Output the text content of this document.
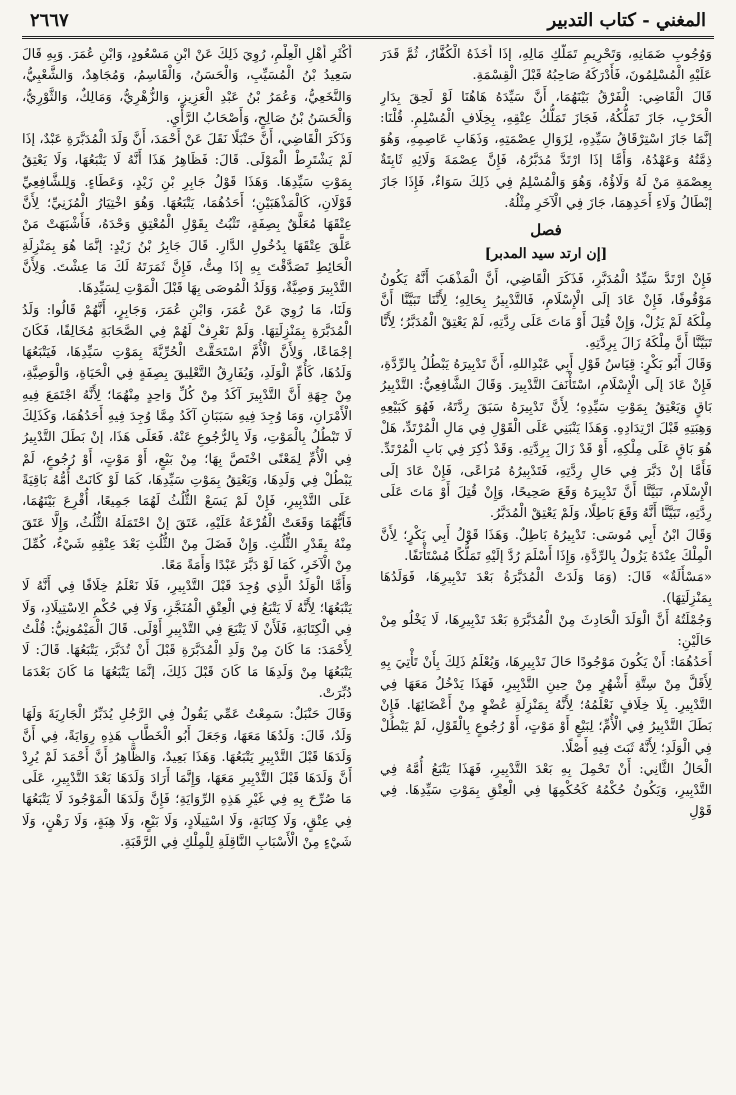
المغني - كتاب التدبير
٢٦٦٧

وَوُجُوبِ ضَمَانِهِ، وَتَحْرِيمِ تَمَلُّكِ مَالِهِ، إذَا أَخَذَهُ الْكُفَّارُ، ثُمَّ قَدَرَ عَلَيْهِ الْمُسْلِمُونَ، فَأَدْرَكَهُ صَاحِبُهُ قَبْلَ الْقِسْمَةِ.

قَالَ الْقَاضِي: الْفَرْقُ بَيْنَهُمَا، أَنَّ سَيِّدَهُ هَاهُنَا لَوْ لَحِقَ بِدَارِ الْحَرْبِ، جَازَ تَمَلُّكُهُ، فَجَازَ تَمَلُّكُ عِتْقِهِ، بِخِلَافِ الْمُسْلِمِ. قُلْنَا: إنَّمَا جَازَ اسْتِرْقَاقُ سَيِّدِهِ، لِزَوَالِ عِصْمَتِهِ، وَذَهَابِ عَاصِمِهِ، وَهُوَ ذِمَّتُهُ وَعَهْدُهُ، وَأَمَّا إذَا ارْتَدَّ مُدَبَّرُهُ، فَإِنَّ عِصْمَةَ وَلَائِهِ ثَابِتَةٌ بِعِصْمَةِ مَنْ لَهُ وَلَاؤُهُ، وَهُوَ وَالْمُسْلِمُ فِي ذَلِكَ سَوَاءٌ، فَإِذَا جَازَ إبْطَالُ وَلَاءِ أَحَدِهِمَا، جَازَ فِي الْآخَرِ مِثْلُهُ.

فصل

[إن ارتد سيد المدبر]

فَإِنْ ارْتَدَّ سَيِّدُ الْمُدَبَّرِ، فَذَكَرَ الْقَاضِي، أَنَّ الْمَذْهَبَ أَنَّهُ يَكُونُ مَوْقُوفًا، فَإِنْ عَادَ إلَى الْإِسْلَامِ، فَالتَّدْبِيرُ بِحَالِهِ؛ لِأَنَّنَا تَبَيَّنَّا أَنَّ مِلْكَهُ لَمْ يَزُلْ، وَإِنْ قُتِلَ أَوْ مَاتَ عَلَى رِدَّتِهِ، لَمْ يَعْتِقْ الْمُدَبَّرُ؛ لِأَنَّا تَبَيَّنَّا أَنَّ مِلْكَهُ زَالَ بِرِدَّتِهِ.

وَقَالَ أَبُو بَكْرٍ: قِيَاسُ قَوْلِ أَبِي عَبْدِاللهِ، أَنَّ تَدْبِيرَهُ يَبْطُلُ بِالرِّدَّةِ، فَإِنْ عَادَ إلَى الْإِسْلَامِ، اسْتَأْنَفَ التَّدْبِيرَ. وَقَالَ الشَّافِعِيُّ: التَّدْبِيرُ بَاقٍ وَيَعْتِقُ بِمَوْتِ سَيِّدِهِ؛ لِأَنَّ تَدْبِيرَهُ سَبَقَ رِدَّتَهُ، فَهُوَ كَبَيْعِهِ وَهِبَتِهِ قَبْلَ ارْتِدَادِهِ. وَهَذَا يَنْبَنِي عَلَى الْقَوْلِ فِي مَالِ الْمُرْتَدِّ، هَلْ هُوَ بَاقٍ عَلَى مِلْكِهِ، أَوْ قَدْ زَالَ بِرِدَّتِهِ. وَقَدْ ذُكِرَ فِي بَابِ الْمُرْتَدِّ. فَأَمَّا إنْ دَبَّرَ فِي حَالِ رِدَّتِهِ، فَتَدْبِيرُهُ مُرَاعًى، فَإِنْ عَادَ إلَى الْإِسْلَامِ، تَبَيَّنَّا أَنَّ تَدْبِيرَهُ وَقَعَ صَحِيحًا، وَإِنْ قُتِلَ أَوْ مَاتَ عَلَى رِدَّتِهِ، تَبَيَّنَّا أَنَّهُ وَقَعَ بَاطِلًا، وَلَمْ يَعْتِقْ الْمُدَبَّرُ.

وَقَالَ ابْنُ أَبِي مُوسَى: تَدْبِيرُهُ بَاطِلٌ. وَهَذَا قَوْلُ أَبِي بَكْرٍ؛ لِأَنَّ الْمِلْكَ عِنْدَهُ يَزُولُ بِالرِّدَّةِ، وَإِذَا أَسْلَمَ رُدَّ إلَيْهِ تَمَلُّكًا مُسْتَأْنَفًا.

«مَسْأَلَةٌ» قَالَ: (وَمَا وَلَدَتْ الْمُدَبَّرَةُ بَعْدَ تَدْبِيرِهَا، فَوَلَدُهَا بِمَنْزِلَتِهَا).

وَجُمْلَتُهُ أَنَّ الْوَلَدَ الْحَادِثَ مِنْ الْمُدَبَّرَةِ بَعْدَ تَدْبِيرِهَا، لَا يَخْلُو مِنْ حَالَيْنِ:

أَحَدُهُمَا: أَنْ يَكُونَ مَوْجُودًا حَالَ تَدْبِيرِهَا، وَيُعْلَمُ ذَلِكَ بِأَنْ تَأْتِيَ بِهِ لِأَقَلَّ مِنْ سِتَّةِ أَشْهُرٍ مِنْ حِينِ التَّدْبِيرِ، فَهَذَا يَدْخُلُ مَعَهَا فِي التَّدْبِيرِ. بِلَا خِلَافٍ نَعْلَمُهُ؛ لِأَنَّهُ بِمَنْزِلَةِ عُضْوٍ مِنْ أَعْضَائِهَا. فَإِنْ بَطَلَ التَّدْبِيرُ فِي الْأُمِّ؛ لِبَيْعٍ أَوْ مَوْتٍ، أَوْ رُجُوعٍ بِالْقَوْلِ، لَمْ يَبْطُلْ فِي الْوَلَدِ؛ لِأَنَّهُ ثَبَتَ فِيهِ أَصْلًا.

الْحَالُ الثَّانِي: أَنْ تَحْمِلَ بِهِ بَعْدَ التَّدْبِيرِ، فَهَذَا يَتْبَعُ أُمَّهُ فِي التَّدْبِيرِ، وَيَكُونُ حُكْمُهُ كَحُكْمِهَا فِي الْعِتْقِ بِمَوْتِ سَيِّدِهَا. فِي قَوْلِ

أَكْثَرِ أَهْلِ الْعِلْمِ، رُوِيَ ذَلِكَ عَنْ ابْنِ مَسْعُودٍ، وَابْنِ عُمَرَ. وَبِهِ قَالَ سَعِيدُ بْنُ الْمُسَيِّبِ، وَالْحَسَنُ، وَالْقَاسِمُ، وَمُجَاهِدٌ، وَالشَّعْبِيُّ، وَالنَّخَعِيُّ، وَعُمَرُ بْنُ عَبْدِ الْعَزِيزِ، وَالزُّهْرِيُّ، وَمَالِكٌ، وَالثَّوْرِيُّ، وَالْحَسَنُ بْنُ صَالِحٍ، وَأَصْحَابُ الرَّأْيِ.

وَذَكَرَ الْقَاضِي، أَنَّ حَنْبَلًا نَقَلَ عَنْ أَحْمَدَ، أَنَّ وَلَدَ الْمُدَبَّرَةِ عَبْدٌ، إذَا لَمْ يَشْتَرِطْ الْمَوْلَى. قَالَ: فَظَاهِرُ هَذَا أَنَّهُ لَا يَتْبَعُهَا، وَلَا يَعْتِقُ بِمَوْتِ سَيِّدِهَا. وَهَذَا قَوْلُ جَابِرِ بْنِ زَيْدٍ، وَعَطَاءٍ. وَلِلشَّافِعِيِّ قَوْلَانِ، كَالْمَذْهَبَيْنِ؛ أَحَدُهُمَا، يَتْبَعُهَا. وَهُوَ اخْتِيَارُ الْمُزَنِيِّ؛ لِأَنَّ عِتْقَهَا مُعَلَّقٌ بِصِفَةٍ، تَثْبُتُ بِقَوْلِ الْمُعْتِقِ وَحْدَهُ، فَأَشْبَهَتْ مَنْ عَلَّقَ عِتْقَهَا بِدُخُولِ الدَّارِ. قَالَ جَابِرُ بْنُ زَيْدٍ: إنَّمَا هُوَ بِمَنْزِلَةِ الْحَائِطِ تَصَدَّقْتَ بِهِ إذَا مِتُّ، فَإِنَّ ثَمَرَتَهُ لَكَ مَا عِشْتَ. وَلِأَنَّ التَّدْبِيرَ وَصِيَّةٌ، وَوَلَدُ الْمُوصَى بِهَا قَبْلَ الْمَوْتِ لِسَيِّدِهَا.

وَلَنَا، مَا رُوِيَ عَنْ عُمَرَ، وَابْنِ عُمَرَ، وَجَابِرٍ، أَنَّهُمْ قَالُوا: وَلَدُ الْمُدَبَّرَةِ بِمَنْزِلَتِهَا. وَلَمْ نَعْرِفْ لَهُمْ فِي الصَّحَابَةِ مُخَالِفًا، فَكَانَ إجْمَاعًا، وَلِأَنَّ الْأُمَّ اسْتَحَقَّتْ الْحُرِّيَّةَ بِمَوْتِ سَيِّدِهَا، فَيَتْبَعُهَا وَلَدُهَا، كَأُمِّ الْوَلَدِ، وَيُفَارِقُ التَّعْلِيقَ بِصِفَةٍ فِي الْحَيَاةِ، وَالْوَصِيَّةِ، مِنْ جِهَةِ أَنَّ التَّدْبِيرَ آكَدُ مِنْ كُلِّ وَاحِدٍ مِنْهُمَا؛ لِأَنَّهُ اجْتَمَعَ فِيهِ الْأَمْرَانِ، وَمَا وُجِدَ فِيهِ سَبَبَانِ آكَدُ مِمَّا وُجِدَ فِيهِ أَحَدُهُمَا، وَكَذَلِكَ لَا تَبْطُلُ بِالْمَوْتِ، وَلَا بِالرُّجُوعِ عَنْهُ. فَعَلَى هَذَا، إنْ بَطَلَ التَّدْبِيرُ فِي الْأُمِّ لِمَعْنًى اخْتَصَّ بِهَا؛ مِنْ بَيْعٍ، أَوْ مَوْتٍ، أَوْ رُجُوعٍ، لَمْ يَبْطُلْ فِي وَلَدِهَا، وَيَعْتِقُ بِمَوْتِ سَيِّدِهَا، كَمَا لَوْ كَانَتْ أُمُّهُ بَاقِيَةً عَلَى التَّدْبِيرِ، فَإِنْ لَمْ يَسَعْ الثُّلُثُ لَهُمَا جَمِيعًا، أُقْرِعَ بَيْنَهُمَا، فَأَيُّهُمَا وَقَعَتْ الْقُرْعَةُ عَلَيْهِ، عَتَقَ إنْ احْتَمَلَهُ الثُّلُثُ، وَإِلَّا عَتَقَ مِنْهُ بِقَدْرِ الثُّلُثِ. وَإِنْ فَضَلَ مِنْ الثُّلُثِ بَعْدَ عِتْقِهِ شَيْءٌ، كُمِّلَ مِنْ الْآخَرِ، كَمَا لَوْ دَبَّرَ عَبْدًا وَأَمَةً مَعًا.

وَأَمَّا الْوَلَدُ الَّذِي وُجِدَ قَبْلَ التَّدْبِيرِ، فَلَا نَعْلَمُ خِلَافًا فِي أَنَّهُ لَا يَتْبَعُهَا؛ لِأَنَّهُ لَا يَتْبَعُ فِي الْعِتْقِ الْمُنَجَّزِ، وَلَا فِي حُكْمِ الِاسْتِيلَادِ، وَلَا فِي الْكِتَابَةِ، فَلَأَنْ لَا يَتْبَعَ فِي التَّدْبِيرِ أَوْلَى. قَالَ الْمَيْمُونِيُّ: قُلْتُ لِأَحْمَدَ: مَا كَانَ مِنْ وَلَدِ الْمُدَبَّرَةِ قَبْلَ أَنْ تُدَبَّرَ، يَتْبَعُهَا. قَالَ: لَا يَتْبَعُهَا مِنْ وَلَدِهَا مَا كَانَ قَبْلَ ذَلِكَ، إنَّمَا يَتْبَعُهَا مَا كَانَ بَعْدَمَا دُبِّرَتْ.

وَقَالَ حَنْبَلٌ: سَمِعْتُ عَمِّي يَقُولُ فِي الرَّجُلِ يُدَبِّرُ الْجَارِيَةَ وَلَهَا وَلَدٌ، قَالَ: وَلَدُهَا مَعَهَا، وَجَعَلَ أَبُو الْخَطَّابِ هَذِهِ رِوَايَةً، فِي أَنَّ وَلَدَهَا قَبْلَ التَّدْبِيرِ يَتْبَعُهَا. وَهَذَا بَعِيدٌ، وَالظَّاهِرُ أَنَّ أَحْمَدَ لَمْ يُرِدْ أَنَّ وَلَدَهَا قَبْلَ التَّدْبِيرِ مَعَهَا، وَإِنَّمَا أَرَادَ وَلَدَهَا بَعْدَ التَّدْبِيرِ، عَلَى مَا صُرِّحَ بِهِ فِي غَيْرِ هَذِهِ الرِّوَايَةِ؛ فَإِنَّ وَلَدَهَا الْمَوْجُودَ لَا يَتْبَعُهَا فِي عِتْقٍ، وَلَا كِتَابَةٍ، وَلَا اسْتِيلَادٍ، وَلَا بَيْعٍ، وَلَا هِبَةٍ، وَلَا رَهْنٍ، وَلَا شَيْءٍ مِنْ الْأَسْبَابِ النَّاقِلَةِ لِلْمِلْكِ فِي الرَّقَبَةِ.
